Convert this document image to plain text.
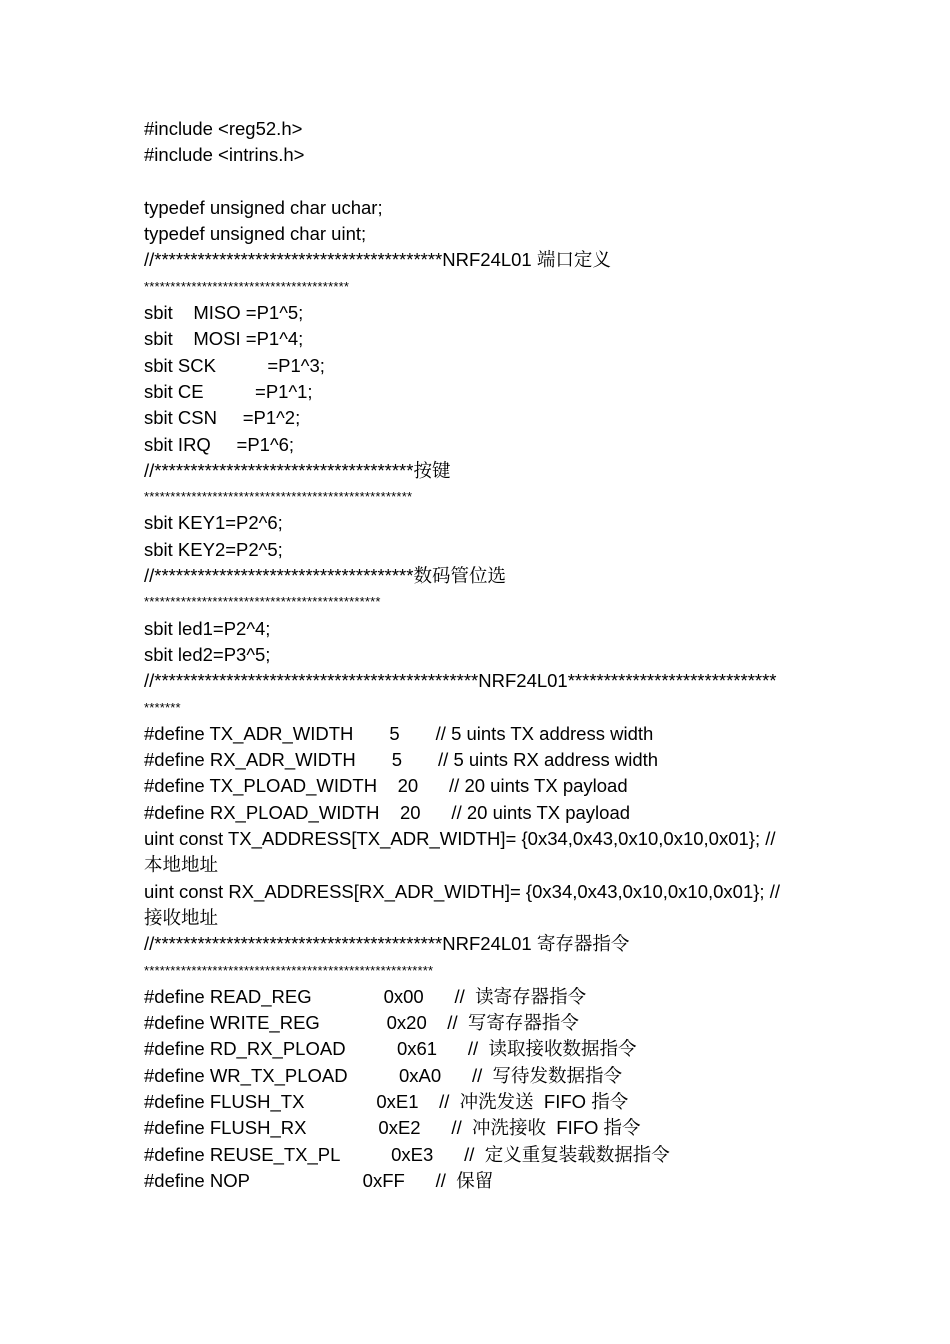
#include <reg52.h>
#include <intrins.h>
typedef unsigned char uchar;
typedef unsigned char uint;
//****************************************NRF24L01 端口定义
***************************************
sbit    MISO =P1^5;
sbit    MOSI =P1^4;
sbit SCK          =P1^3;
sbit CE          =P1^1;
sbit CSN     =P1^2;
sbit IRQ     =P1^6;
//************************************按键
***************************************************
sbit KEY1=P2^6;
sbit KEY2=P2^5;
//************************************数码管位选
*********************************************
sbit led1=P2^4;
sbit led2=P3^5;
//*********************************************NRF24L01*****************************
*******
#define TX_ADR_WIDTH       5       // 5 uints TX address width
#define RX_ADR_WIDTH       5       // 5 uints RX address width
#define TX_PLOAD_WIDTH    20      // 20 uints TX payload
#define RX_PLOAD_WIDTH    20      // 20 uints TX payload
uint const TX_ADDRESS[TX_ADR_WIDTH]= {0x34,0x43,0x10,0x10,0x01}; //
本地地址
uint const RX_ADDRESS[RX_ADR_WIDTH]= {0x34,0x43,0x10,0x10,0x01}; //
接收地址
//****************************************NRF24L01 寄存器指令
*******************************************************
#define READ_REG              0x00      //  读寄存器指令
#define WRITE_REG             0x20    //  写寄存器指令
#define RD_RX_PLOAD          0x61      //  读取接收数据指令
#define WR_TX_PLOAD          0xA0      //  写待发数据指令
#define FLUSH_TX              0xE1    //  冲洗发送  FIFO 指令
#define FLUSH_RX              0xE2      //  冲洗接收  FIFO 指令
#define REUSE_TX_PL          0xE3      //  定义重复装载数据指令
#define NOP                      0xFF      //  保留
